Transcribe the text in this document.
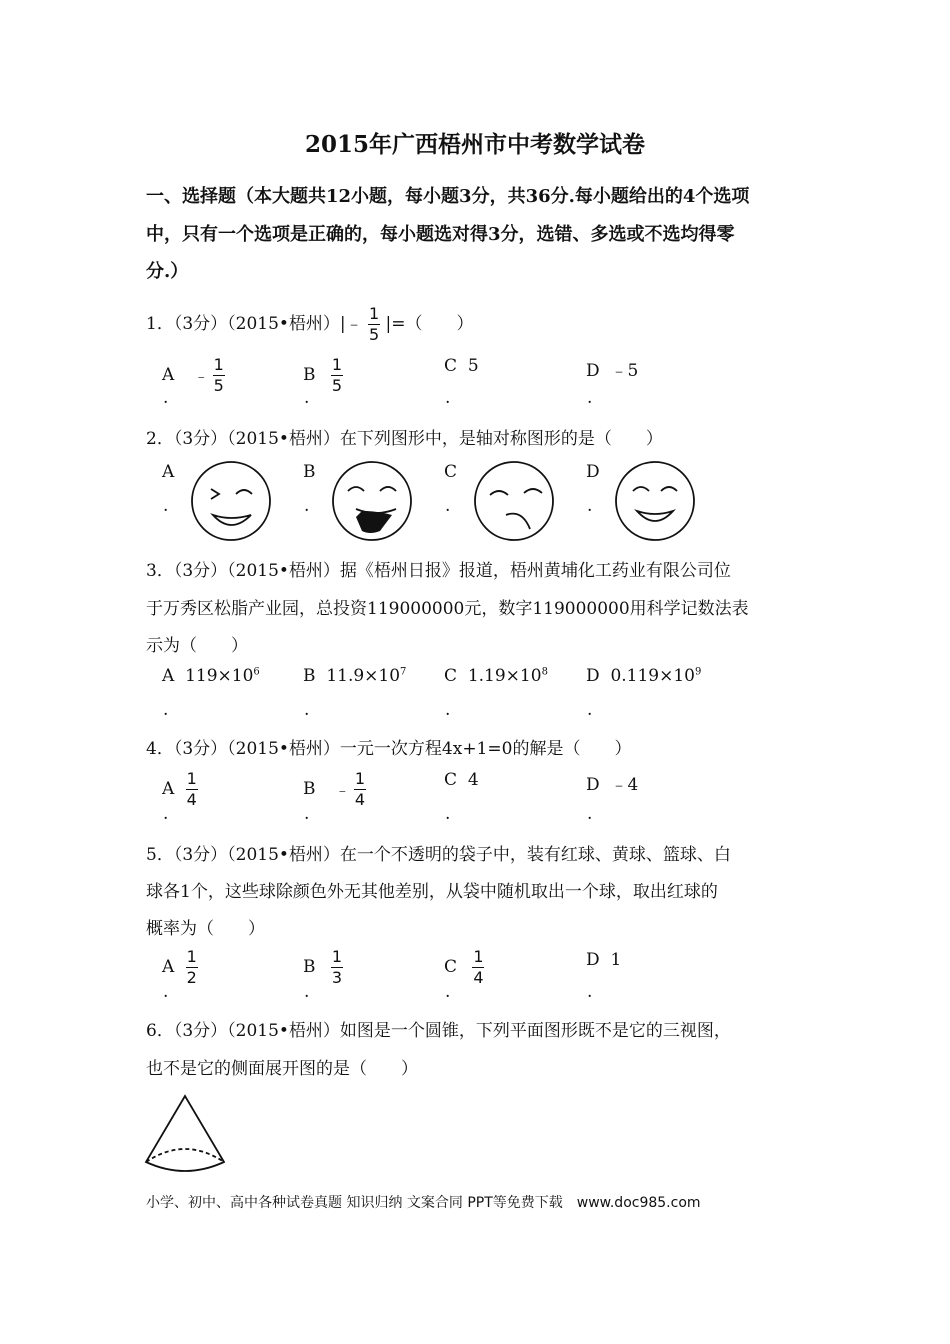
2015年广西梧州市中考数学试卷
一、选择题（本大题共12小题，每小题3分，共36分.每小题给出的4个选项
中，只有一个选项是正确的，每小题选对得3分，选错、多选或不选均得零
分.）
1．（3分）（2015•梧州）|﹣ $\frac{1}{5}$ |=（　　）
A ﹣ $\frac{1}{5}$	B $\frac{1}{5}$	C 5	D ﹣5
.	.	.	.
2．（3分）（2015•梧州）在下列图形中，是轴对称图形的是（　　）
A	B	C	D
.	.	.	.
3．（3分）（2015•梧州）据《梧州日报》报道，梧州黄埔化工药业有限公司位
于万秀区松脂产业园，总投资119000000元，数字119000000用科学记数法表
示为（　　）
A $119\times 10^6$	B $11.9\times 10^7$ C $1.19\times 10^8$ D $0.119\times 10^9$
.	.	.	.
4．（3分）（2015•梧州）一元一次方程4x+1=0的解是（　　）
A $\frac{1}{4}$	B ﹣ $\frac{1}{4}$	C 4	D ﹣4
.	.	.	.
5．（3分）（2015•梧州）在一个不透明的袋子中，装有红球、黄球、篮球、白
球各1个，这些球除颜色外无其他差别，从袋中随机取出一个球，取出红球的
概率为（　　）
A $\frac{1}{2}$	B $\frac{1}{3}$	C $\frac{1}{4}$	D 1
.	.	.	.
6．（3分）（2015•梧州）如图是一个圆锥，下列平面图形既不是它的三视图，
也不是它的侧面展开图的是（　　）
小学、初中、高中各种试卷真题 知识归纳 文案合同 PPT等免费下载　www.doc985.com
